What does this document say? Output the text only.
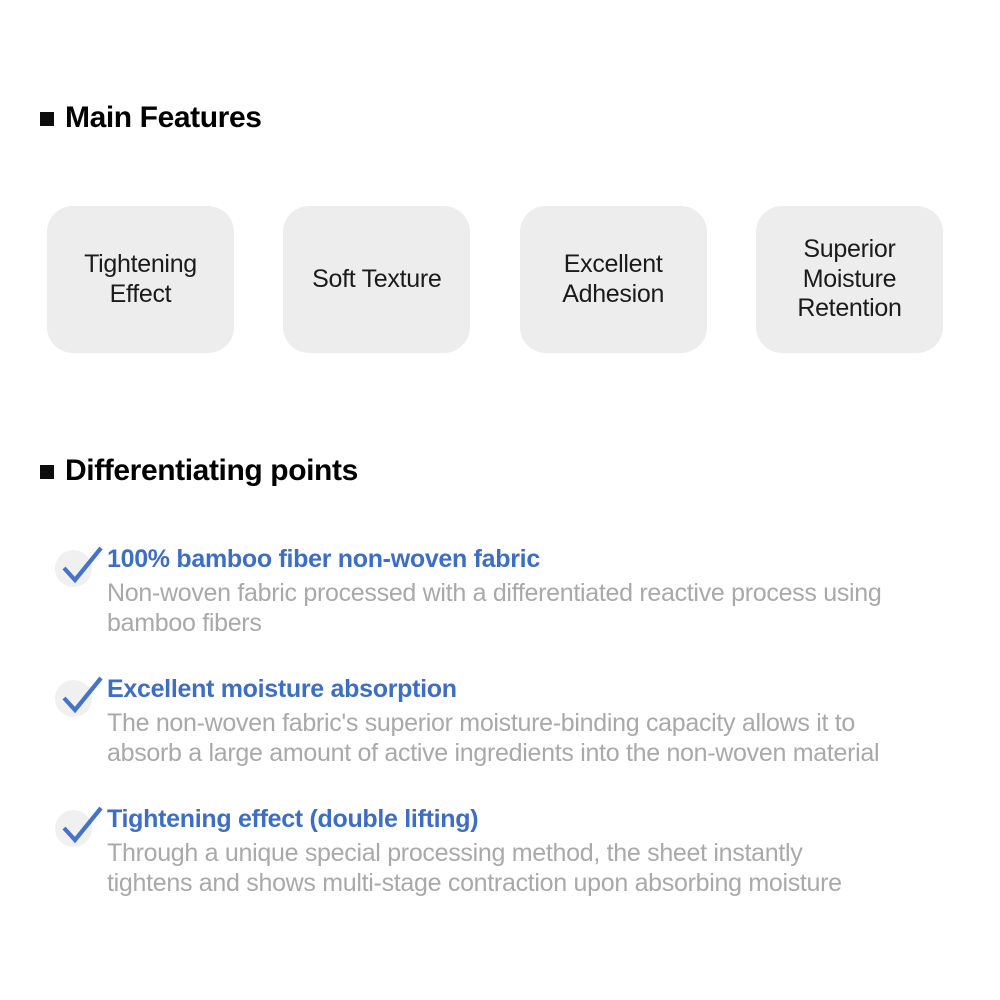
Main Features
Tightening Effect
Soft Texture
Excellent Adhesion
Superior Moisture Retention
Differentiating points
100% bamboo fiber non-woven fabric
Non-woven fabric processed with a differentiated reactive process using
bamboo fibers
Excellent moisture absorption
The non-woven fabric's superior moisture-binding capacity allows it to
absorb a large amount of active ingredients into the non-woven material
Tightening effect (double lifting)
Through a unique special processing method, the sheet instantly
tightens and shows multi-stage contraction upon absorbing moisture
